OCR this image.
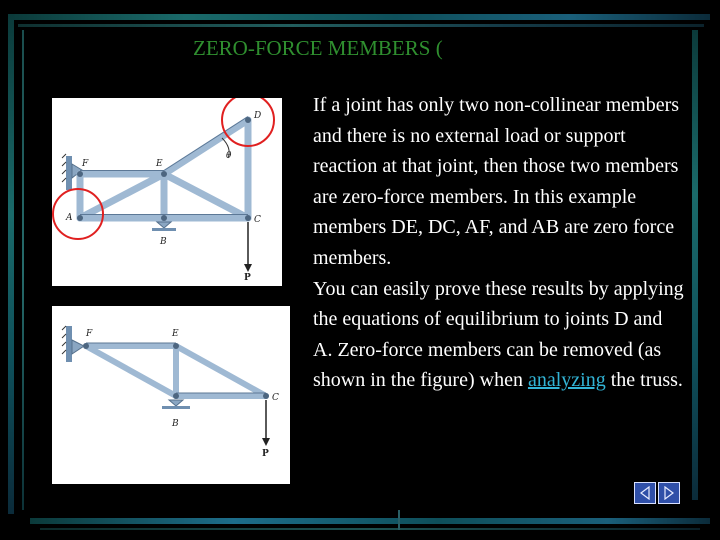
ZERO-FORCE MEMBERS (
D
F	E
A	C
B
θ
P
F	E
C
B
P
If a joint has only two non-collinear members and there is no external load or support reaction at that joint, then those two members are zero-force members. In this example members DE, DC, AF, and AB are zero force members.
You can easily prove these results by applying the equations of equilibrium to joints D and A. Zero-force members can be removed (as shown in the figure) when analyzing the truss.
